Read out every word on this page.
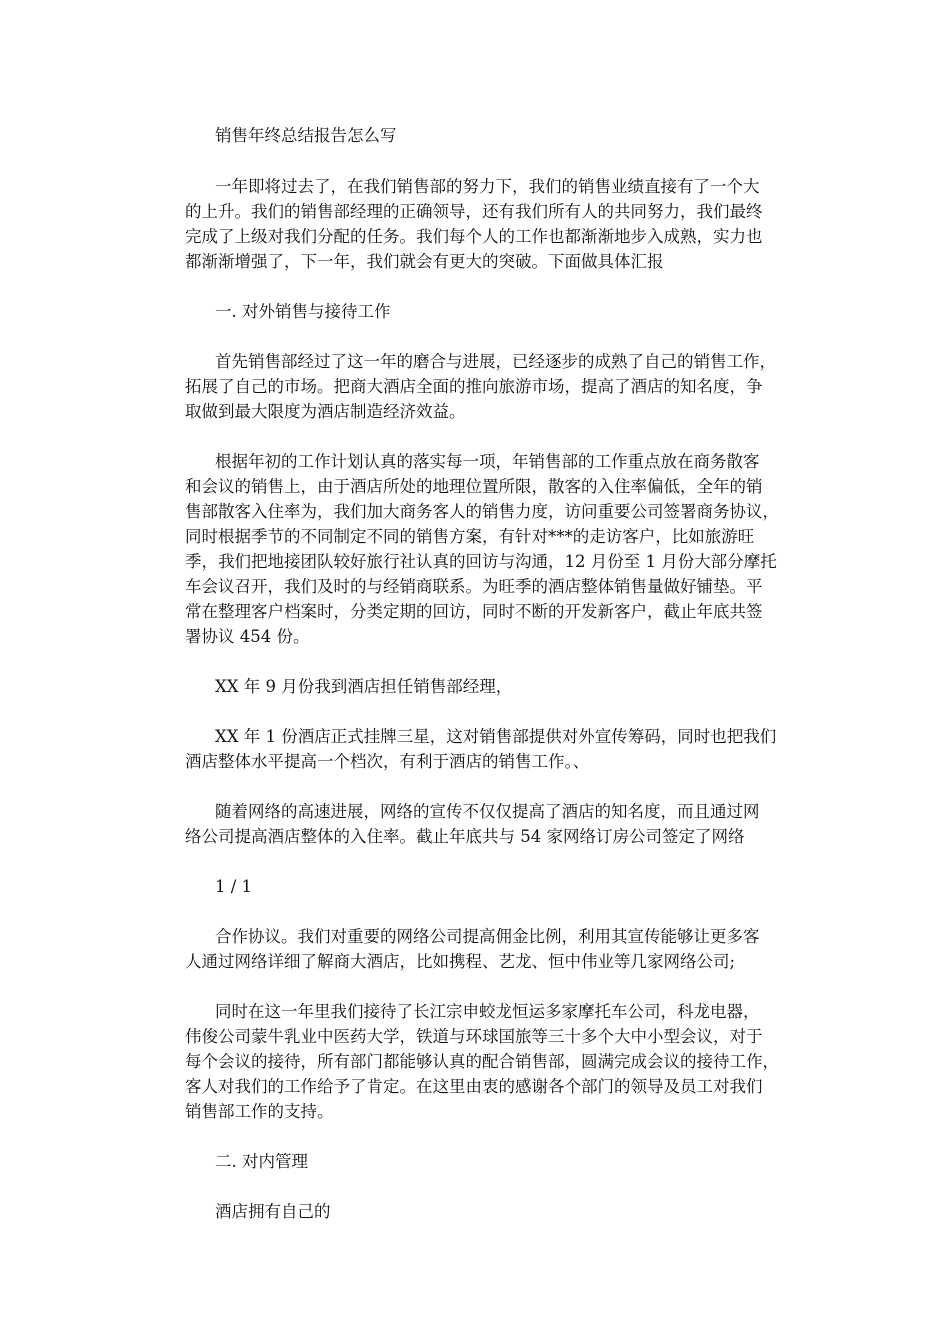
销售年终总结报告怎么写
一年即将过去了，在我们销售部的努力下，我们的销售业绩直接有了一个大
的上升。我们的销售部经理的正确领导，还有我们所有人的共同努力，我们最终
完成了上级对我们分配的任务。我们每个人的工作也都渐渐地步入成熟，实力也
都渐渐增强了，下一年，我们就会有更大的突破。下面做具体汇报
一. 对外销售与接待工作
首先销售部经过了这一年的磨合与进展，已经逐步的成熟了自己的销售工作，
拓展了自己的市场。把商大酒店全面的推向旅游市场，提高了酒店的知名度，争
取做到最大限度为酒店制造经济效益。
根据年初的工作计划认真的落实每一项，年销售部的工作重点放在商务散客
和会议的销售上，由于酒店所处的地理位置所限，散客的入住率偏低，全年的销
售部散客入住率为，我们加大商务客人的销售力度，访问重要公司签署商务协议，
同时根据季节的不同制定不同的销售方案，有针对***的走访客户，比如旅游旺
季，我们把地接团队较好旅行社认真的回访与沟通，12 月份至 1 月份大部分摩托
车会议召开，我们及时的与经销商联系。为旺季的酒店整体销售量做好铺垫。平
常在整理客户档案时，分类定期的回访，同时不断的开发新客户，截止年底共签
署协议 454 份。
XX 年 9 月份我到酒店担任销售部经理，
XX 年 1 份酒店正式挂牌三星，这对销售部提供对外宣传筹码，同时也把我们
酒店整体水平提高一个档次，有利于酒店的销售工作。、
随着网络的高速进展，网络的宣传不仅仅提高了酒店的知名度，而且通过网
络公司提高酒店整体的入住率。截止年底共与 54 家网络订房公司签定了网络
1 / 1
合作协议。我们对重要的网络公司提高佣金比例，利用其宣传能够让更多客
人通过网络详细了解商大酒店，比如携程、艺龙、恒中伟业等几家网络公司;
同时在这一年里我们接待了长江宗申蛟龙恒运多家摩托车公司，科龙电器，
伟俊公司蒙牛乳业中医药大学，铁道与环球国旅等三十多个大中小型会议，对于
每个会议的接待，所有部门都能够认真的配合销售部，圆满完成会议的接待工作，
客人对我们的工作给予了肯定。在这里由衷的感谢各个部门的领导及员工对我们
销售部工作的支持。
二. 对内管理
酒店拥有自己的
